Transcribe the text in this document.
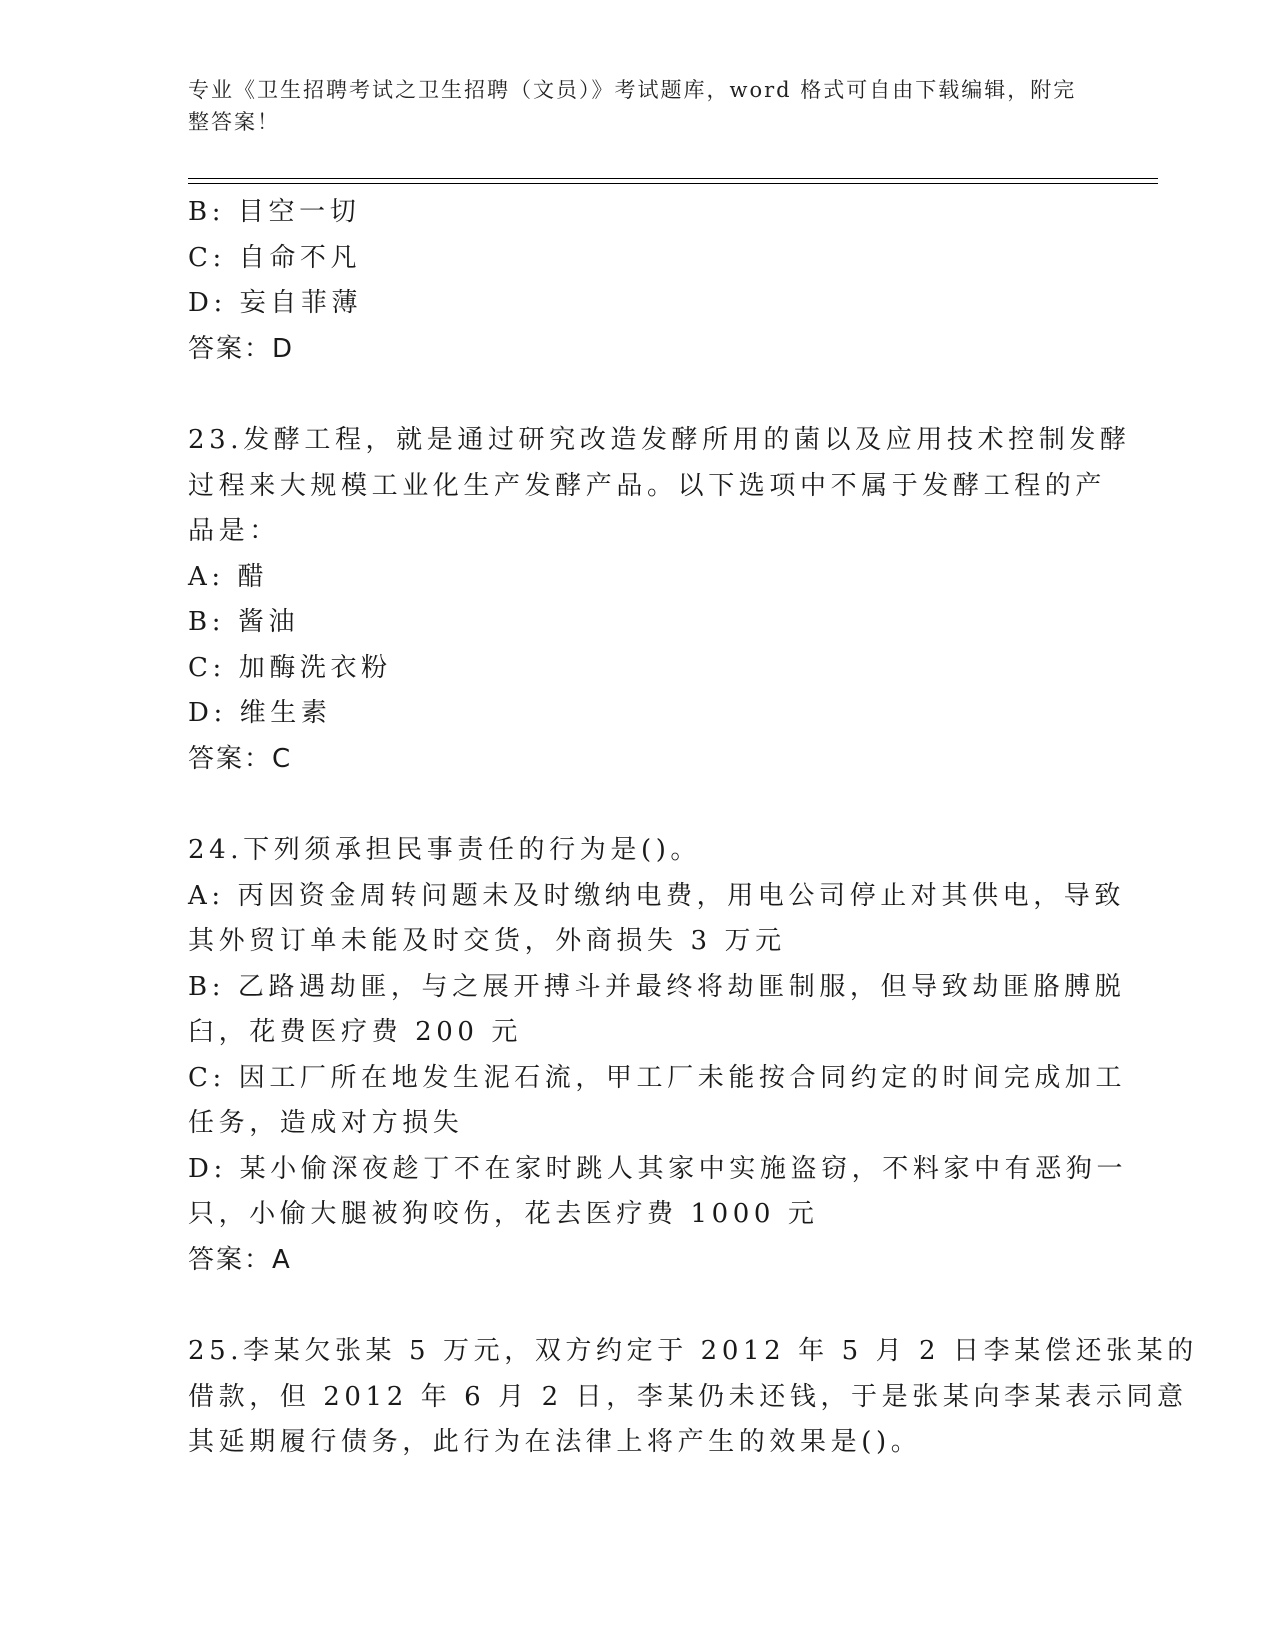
专业《卫生招聘考试之卫生招聘（文员）》考试题库，word 格式可自由下载编辑，附完整答案！
B: 目空一切
C: 自命不凡
D: 妄自菲薄
答案：D
23.发酵工程，就是通过研究改造发酵所用的菌以及应用技术控制发酵
过程来大规模工业化生产发酵产品。以下选项中不属于发酵工程的产
品是：
A: 醋
B: 酱油
C: 加酶洗衣粉
D: 维生素
答案：C
24.下列须承担民事责任的行为是()。
A: 丙因资金周转问题未及时缴纳电费，用电公司停止对其供电，导致
其外贸订单未能及时交货，外商损失 3 万元
B: 乙路遇劫匪，与之展开搏斗并最终将劫匪制服，但导致劫匪胳膊脱
臼，花费医疗费 200 元
C: 因工厂所在地发生泥石流，甲工厂未能按合同约定的时间完成加工
任务，造成对方损失
D: 某小偷深夜趁丁不在家时跳人其家中实施盗窃，不料家中有恶狗一
只，小偷大腿被狗咬伤，花去医疗费 1000 元
答案：A
25.李某欠张某 5 万元，双方约定于 2012 年 5 月 2 日李某偿还张某的
借款，但 2012 年 6 月 2 日，李某仍未还钱，于是张某向李某表示同意
其延期履行债务，此行为在法律上将产生的效果是()。
